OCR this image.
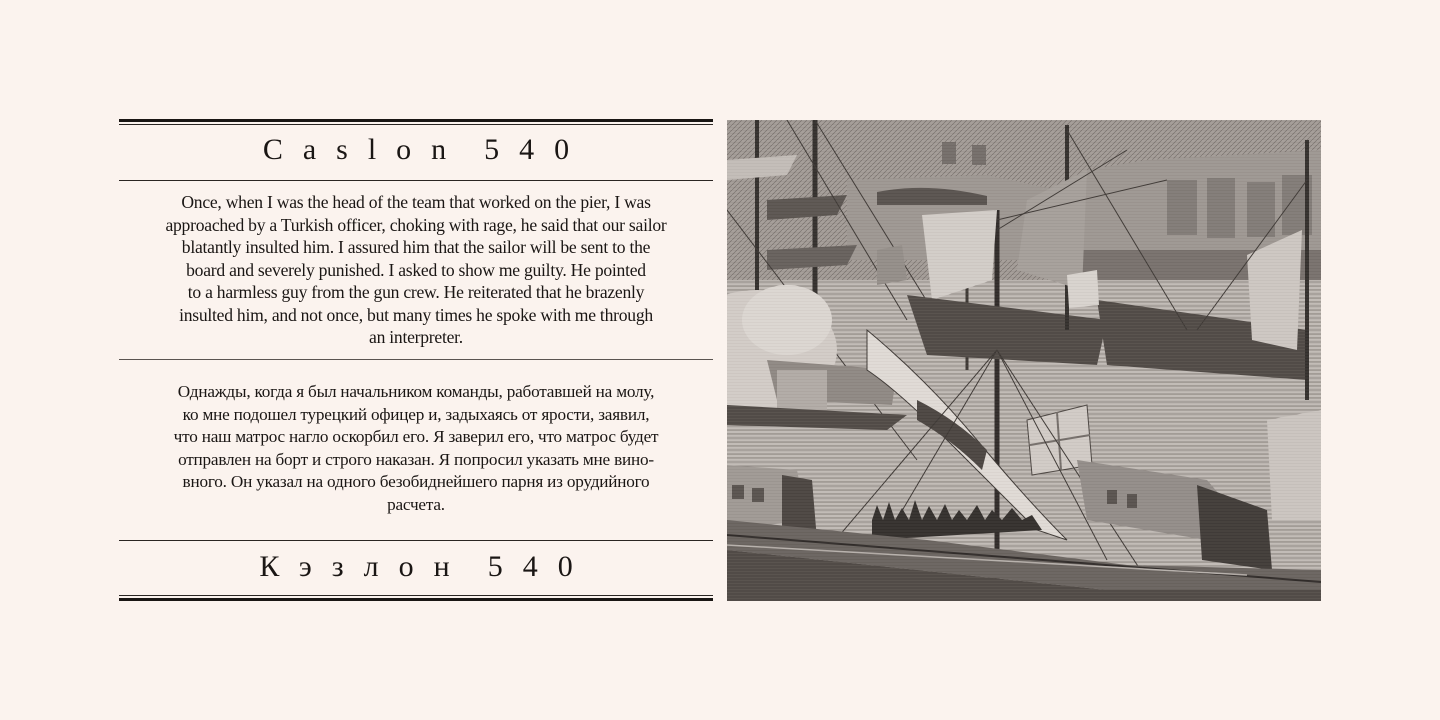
Caslon 540

Once, when I was the head of the team that worked on the pier, I was
approached by a Turkish officer, choking with rage, he said that our sailor
blatantly insulted him. I assured him that the sailor will be sent to the
board and severely punished. I asked to show me guilty. He pointed
to a harmless guy from the gun crew. He reiterated that he brazenly
insulted him, and not once, but many times he spoke with me through
an interpreter.

Однажды, когда я был начальником команды, работавшей на молу,
ко мне подошел турецкий офицер и, задыхаясь от ярости, заявил,
что наш матрос нагло оскорбил его. Я заверил его, что матрос будет
отправлен на борт и строго наказан. Я попросил указать мне вино-
вного. Он указал на одного безобиднейшего парня из орудийного
расчета.

Кэзлон 540
